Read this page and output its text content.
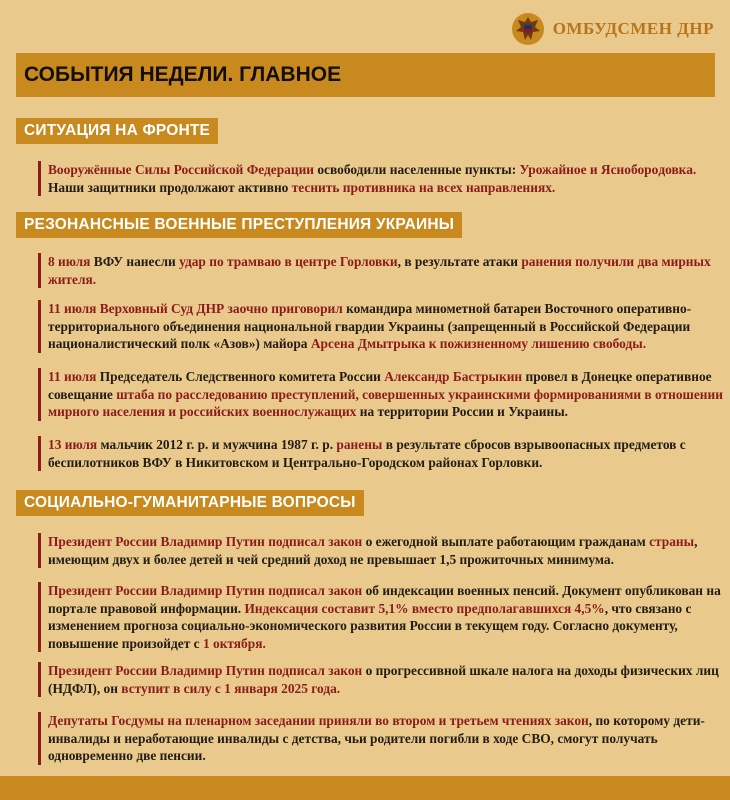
ОМБУДСМЕН ДНР
СОБЫТИЯ НЕДЕЛИ. ГЛАВНОЕ
СИТУАЦИЯ НА ФРОНТЕ
Вооружённые Силы Российской Федерации освободили населенные пункты: Урожайное и Ясноборoдовка. Наши защитники продолжают активно теснить противника на всех направлениях.
РЕЗОНАНСНЫЕ ВОЕННЫЕ ПРЕСТУПЛЕНИЯ УКРАИНЫ
8 июля ВФУ нанесли удар по трамваю в центре Горловки, в результате атаки ранения получили два мирных жителя.
11 июля Верховный Суд ДНР заочно приговорил командира минометной батареи Восточного оперативно-территориального объединения национальной гвардии Украины (запрещенный в Российской Федерации националистический полк «Азов») майора Арсена Дмытрыка к пожизненному лишению свободы.
11 июля Председатель Следственного комитета России Александр Бастрыкин провел в Донецке оперативное совещание штаба по расследованию преступлений, совершенных украинскими формированиями в отношении мирного населения и российских военнослужащих на территории России и Украины.
13 июля мальчик 2012 г. р. и мужчина 1987 г. р. ранены в результате сбросов взрывоопасных предметов с беспилотников ВФУ в Никитовском и Центрально-Городском районах Горловки.
СОЦИАЛЬНО-ГУМАНИТАРНЫЕ ВОПРОСЫ
Президент России Владимир Путин подписал закон о ежегодной выплате работающим гражданам страны, имеющим двух и более детей и чей средний доход не превышает 1,5 прожиточных минимума.
Президент России Владимир Путин подписал закон об индексации военных пенсий. Документ опубликован на портале правовой информации. Индексация составит 5,1% вместо предполагавшихся 4,5%, что связано с изменением прогноза социально-экономического развития России в текущем году. Согласно документу, повышение произойдет с 1 октября.
Президент России Владимир Путин подписал закон о прогрессивной шкале налога на доходы физических лиц (НДФЛ), он вступит в силу с 1 января 2025 года.
Депутаты Госдумы на пленарном заседании приняли во втором и третьем чтениях закон, по которому дети-инвалиды и неработающие инвалиды с детства, чьи родители погибли в ходе СВО, смогут получать одновременно две пенсии.
